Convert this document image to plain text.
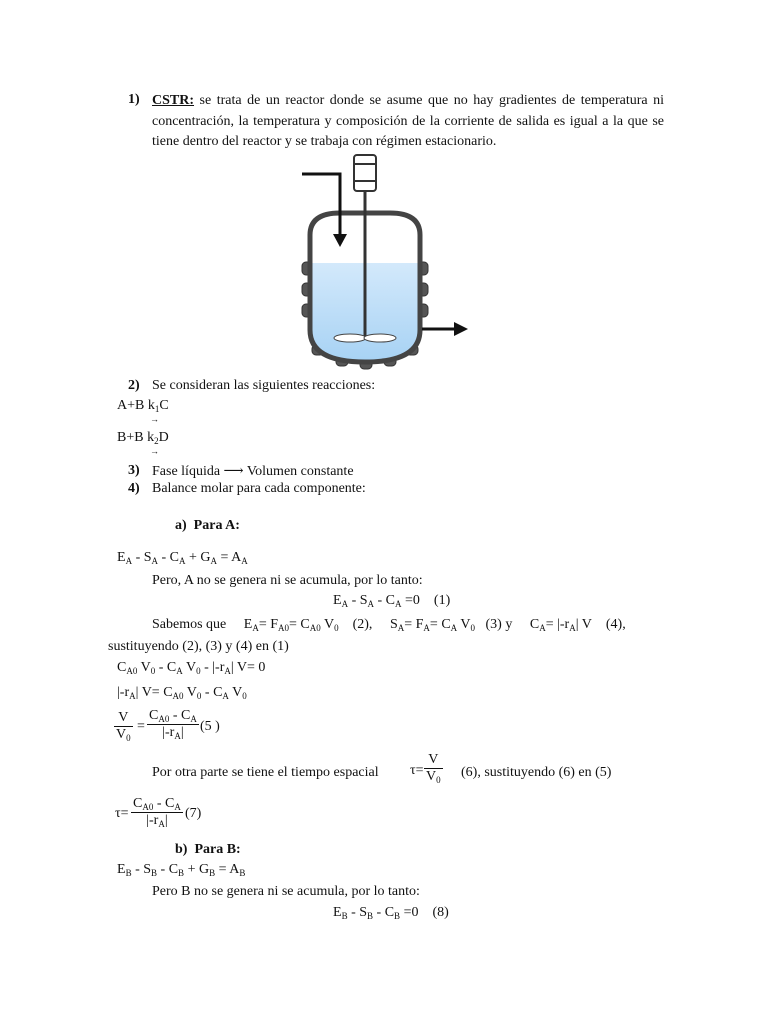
1) CSTR: se trata de un reactor donde se asume que no hay gradientes de temperatura ni concentración, la temperatura y composición de la corriente de salida es igual a la que se tiene dentro del reactor y se trabaja con régimen estacionario.
2) Se consideran las siguientes reacciones:
A+B $k_1C$
→
B+B $k_2D$
→
3) Fase líquida ⟶ Volumen constante
4) Balance molar para cada componente:
a) Para A:
$E_A - S_A - C_A + G_A = A_A$
Pero, A no se genera ni se acumula, por lo tanto:
$E_A - S_A - C_A =0$ (1)
Sabemos que $E_A= F_{A0}= C_{A0}$ $V_0$ (2), $S_A= F_A= C_A$ $V_0$ (3) y $C_A= |-r_A|$ V (4),
sustituyendo (2), (3) y (4) en (1)
$C_{A0}$ $V_0 - C_A$ $V_0 - |-r_A|$ V= 0
$|-r_A|$ $V= C_{A0}$ $V_0 - C_A$ $V_0$
$\frac{V}{V_0} = \frac{C_{A0} - C_A}{|-r_A|} (5$ )
Por otra parte se tiene el tiempo espacial $\tau= \frac{V}{V_0} (6)$, sustituyendo (6) en (5)
$\tau= \frac{C_{A0} - C_A}{|-r_A|} (7)$
b) Para B:
$E_B - S_B - C_B + G_B = A_B$
Pero B no se genera ni se acumula, por lo tanto:
$E_B - S_B - C_B =0$ (8)
